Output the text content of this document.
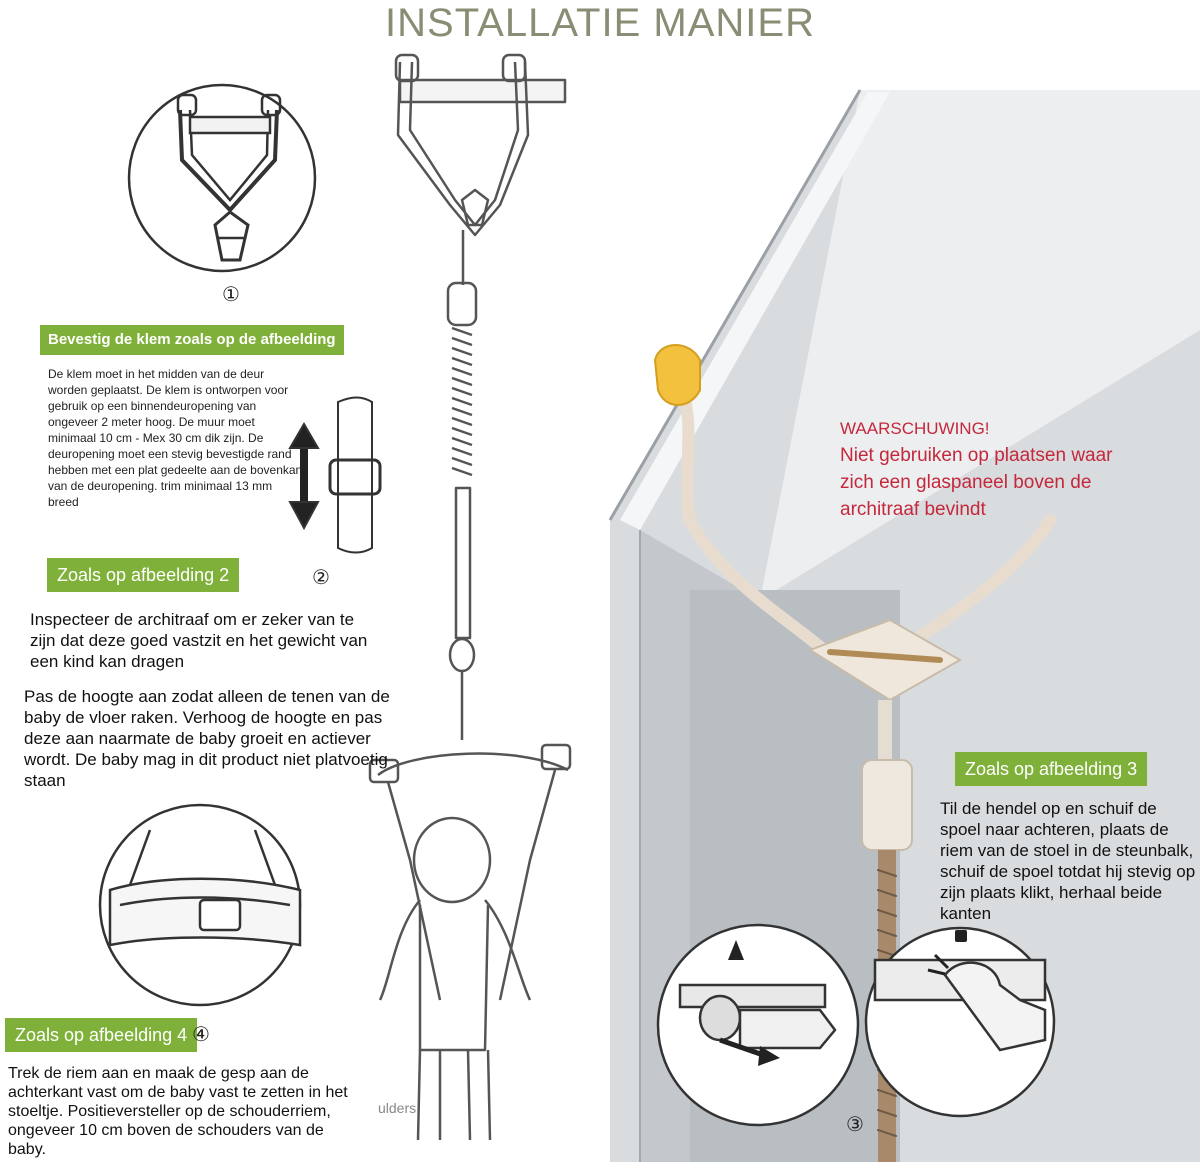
INSTALLATIE MANIER
①
Bevestig de klem zoals op de afbeelding
De klem moet in het midden van de deur worden geplaatst. De klem is ontworpen voor gebruik op een binnendeuropening van ongeveer 2 meter hoog. De muur moet minimaal 10 cm - Mex 30 cm dik zijn. De deuropening moet een stevig bevestigde rand hebben met een plat gedeelte aan de bovenkant van de deuropening. trim minimaal 13 mm breed
Zoals op afbeelding 2	②
Inspecteer de architraaf om er zeker van te zijn dat deze goed vastzit en het gewicht van een kind kan dragen
Pas de hoogte aan zodat alleen de tenen van de baby de vloer raken. Verhoog de hoogte en pas deze aan naarmate de baby groeit en actiever wordt. De baby mag in dit product niet platvoetig staan
WAARSCHUWING!
Niet gebruiken op plaatsen waar zich een glaspaneel boven de architraaf bevindt
Zoals op afbeelding 3
Til de hendel op en schuif de spoel naar achteren, plaats de riem van de stoel in de steunbalk, schuif de spoel totdat hij stevig op zijn plaats klikt, herhaal beide kanten
③
Zoals op afbeelding 4 ④
Trek de riem aan en maak de gesp aan de achterkant vast om de baby vast te zetten in het stoeltje. Positieversteller op de schouderriem, ongeveer 10 cm boven de schouders van de baby.
ulders
